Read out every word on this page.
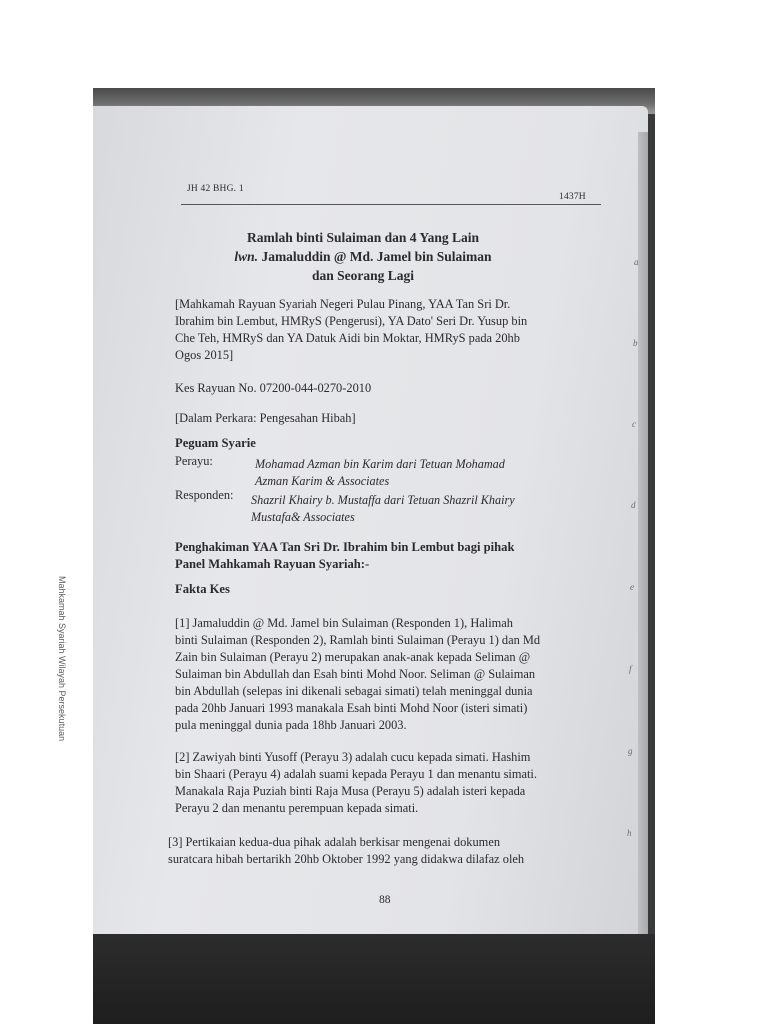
JH 42 BHG. 1
1437H
Ramlah binti Sulaiman dan 4 Yang Lain
lwn. Jamaluddin @ Md. Jamel bin Sulaiman
dan Seorang Lagi
[Mahkamah Rayuan Syariah Negeri Pulau Pinang, YAA Tan Sri Dr.
Ibrahim bin Lembut, HMRyS (Pengerusi), YA Dato' Seri Dr. Yusup bin
Che Teh, HMRyS dan YA Datuk Aidi bin Moktar, HMRyS pada 20hb
Ogos 2015]
Kes Rayuan No. 07200-044-0270-2010
[Dalam Perkara: Pengesahan Hibah]
Peguam Syarie
Perayu:	Mohamad Azman bin Karim dari Tetuan Mohamad
Azman Karim & Associates
Responden: Shazril Khairy b. Mustaffa dari Tetuan Shazril Khairy
Mustafa& Associates
Penghakiman YAA Tan Sri Dr. Ibrahim bin Lembut bagi pihak
Panel Mahkamah Rayuan Syariah:-
Fakta Kes
[1] Jamaluddin @ Md. Jamel bin Sulaiman (Responden 1), Halimah
binti Sulaiman (Responden 2), Ramlah binti Sulaiman (Perayu 1) dan Md
Zain bin Sulaiman (Perayu 2) merupakan anak-anak kepada Seliman @
Sulaiman bin Abdullah dan Esah binti Mohd Noor. Seliman @ Sulaiman
bin Abdullah (selepas ini dikenali sebagai simati) telah meninggal dunia
pada 20hb Januari 1993 manakala Esah binti Mohd Noor (isteri simati)
pula meninggal dunia pada 18hb Januari 2003.
[2] Zawiyah binti Yusoff (Perayu 3) adalah cucu kepada simati. Hashim
bin Shaari (Perayu 4) adalah suami kepada Perayu 1 dan menantu simati.
Manakala Raja Puziah binti Raja Musa (Perayu 5) adalah isteri kepada
Perayu 2 dan menantu perempuan kepada simati.
[3] Pertikaian kedua-dua pihak adalah berkisar mengenai dokumen
suratcara hibah bertarikh 20hb Oktober 1992 yang didakwa dilafaz oleh
88
a
b
c
d
e
f
g
h
Mahkamah Syariah Wilayah Persekutuan
